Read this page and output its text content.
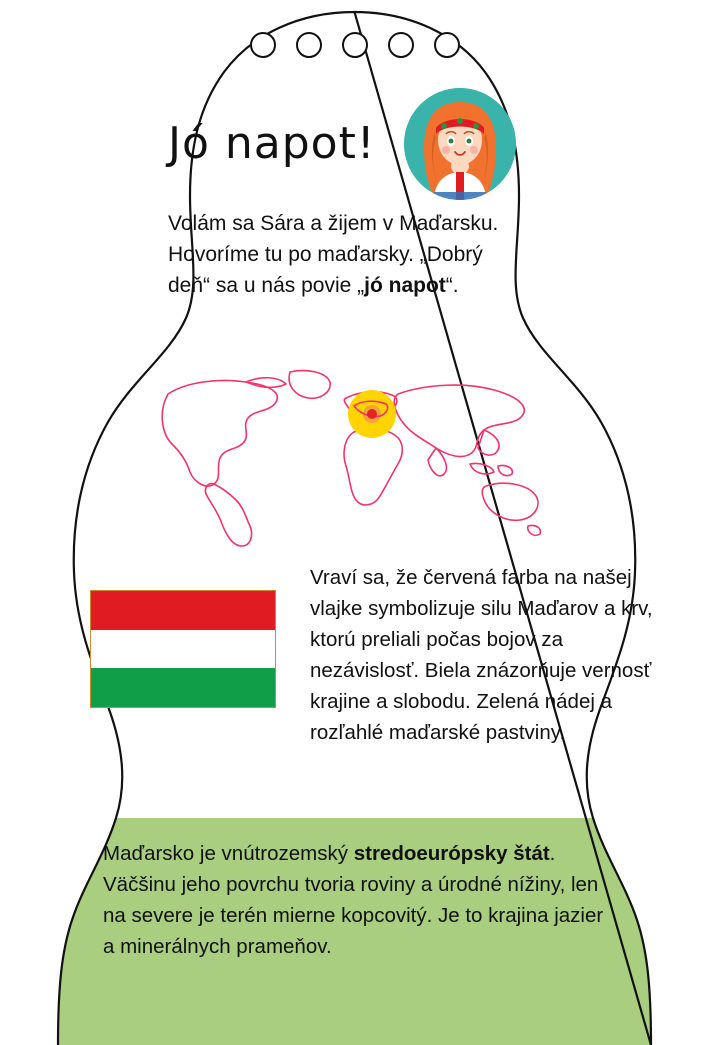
Jó napot!
Volám sa Sára a žijem v Maďarsku. Hovoríme tu po maďarsky. „Dobrý deň“ sa u nás povie „jó napot“.
Vraví sa, že červená farba na našej vlajke symbolizuje silu Maďarov a krv, ktorú preliali počas bojov za nezávislosť. Biela znázorňuje vernosť krajine a slobodu. Zelená nádej a rozľahlé maďarské pastviny.
Maďarsko je vnútrozemský stredoeurópsky štát. Väčšinu jeho povrchu tvoria roviny a úrodné nížiny, len na severe je terén mierne kopcovitý. Je to krajina jazier a minerálnych prameňov.
